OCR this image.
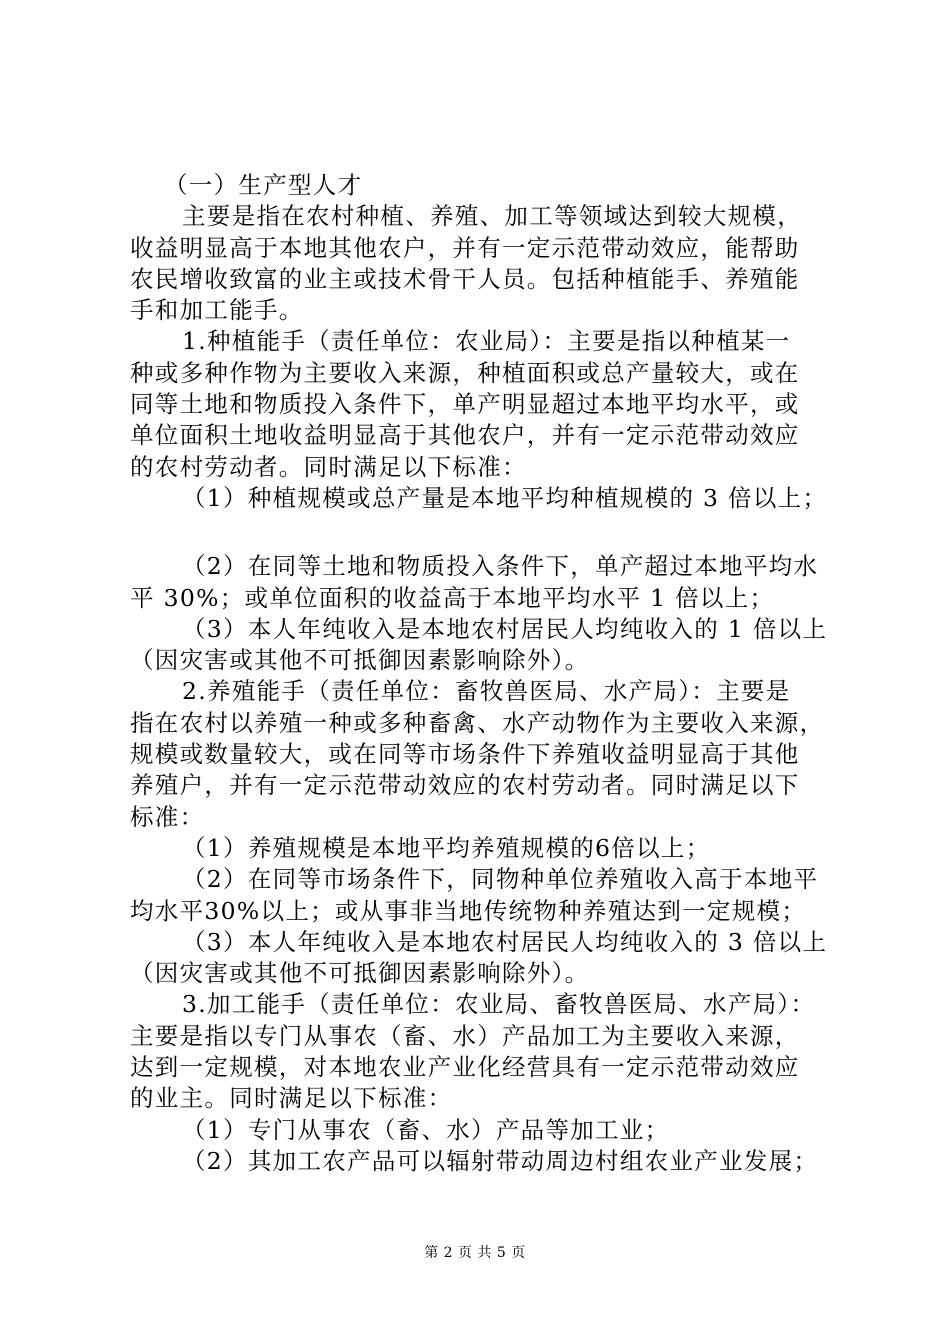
（一）生产型人才
主要是指在农村种植、养殖、加工等领域达到较大规模，
收益明显高于本地其他农户，并有一定示范带动效应，能帮助
农民增收致富的业主或技术骨干人员。包括种植能手、养殖能
手和加工能手。
1.种植能手（责任单位：农业局）：主要是指以种植某一
种或多种作物为主要收入来源，种植面积或总产量较大，或在
同等土地和物质投入条件下，单产明显超过本地平均水平，或
单位面积土地收益明显高于其他农户，并有一定示范带动效应
的农村劳动者。同时满足以下标准：
（1）种植规模或总产量是本地平均种植规模的 3 倍以上；
（2）在同等土地和物质投入条件下，单产超过本地平均水
平 30%；或单位面积的收益高于本地平均水平 1 倍以上；
（3）本人年纯收入是本地农村居民人均纯收入的 1 倍以上
（因灾害或其他不可抵御因素影响除外）。
2.养殖能手（责任单位：畜牧兽医局、水产局）：主要是
指在农村以养殖一种或多种畜禽、水产动物作为主要收入来源，
规模或数量较大，或在同等市场条件下养殖收益明显高于其他
养殖户，并有一定示范带动效应的农村劳动者。同时满足以下
标准：
（1）养殖规模是本地平均养殖规模的6倍以上；
（2）在同等市场条件下，同物种单位养殖收入高于本地平
均水平30%以上；或从事非当地传统物种养殖达到一定规模；
（3）本人年纯收入是本地农村居民人均纯收入的 3 倍以上
（因灾害或其他不可抵御因素影响除外）。
3.加工能手（责任单位：农业局、畜牧兽医局、水产局）：
主要是指以专门从事农（畜、水）产品加工为主要收入来源，
达到一定规模，对本地农业产业化经营具有一定示范带动效应
的业主。同时满足以下标准：
（1）专门从事农（畜、水）产品等加工业；
（2）其加工农产品可以辐射带动周边村组农业产业发展；
第 2 页 共 5 页
